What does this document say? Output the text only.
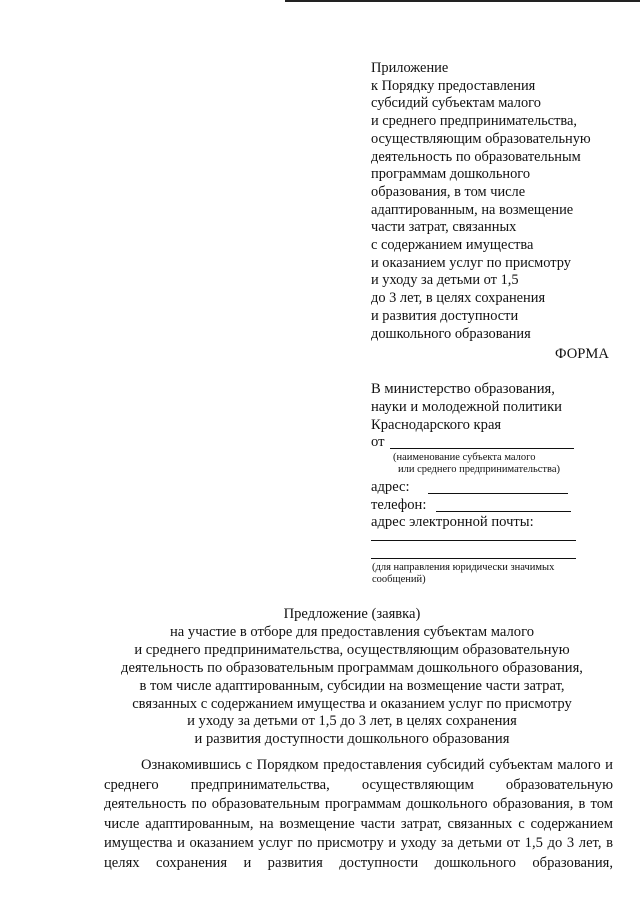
Приложение
к Порядку предоставления
субсидий субъектам малого
и среднего предпринимательства,
осуществляющим образовательную
деятельность по образовательным
программам дошкольного
образования, в том числе
адаптированным, на возмещение
части затрат, связанных
с содержанием имущества
и оказанием услуг по присмотру
и уходу за детьми от 1,5
до 3 лет, в целях сохранения
и развития доступности
дошкольного образования
ФОРМА
В министерство образования,
науки и молодежной политики
Краснодарского края
от
(наименование субъекта малого
или среднего предпринимательства)
адрес:
телефон:
адрес электронной почты:
(для направления юридически значимых
сообщений)
Предложение (заявка)
на участие в отборе для предоставления субъектам малого
и среднего предпринимательства, осуществляющим образовательную
деятельность по образовательным программам дошкольного образования,
в том числе адаптированным, субсидии на возмещение части затрат,
связанных с содержанием имущества и оказанием услуг по присмотру
и уходу за детьми от 1,5 до 3 лет, в целях сохранения
и развития доступности дошкольного образования

Ознакомившись с Порядком предоставления субсидий субъектам малого и среднего предпринимательства, осуществляющим образовательную деятельность по образовательным программам дошкольного образования, в том числе адаптированным, на возмещение части затрат, связанных с содержанием имущества и оказанием услуг по присмотру и уходу за детьми от 1,5 до 3 лет, в целях сохранения и развития доступности дошкольного образования,
